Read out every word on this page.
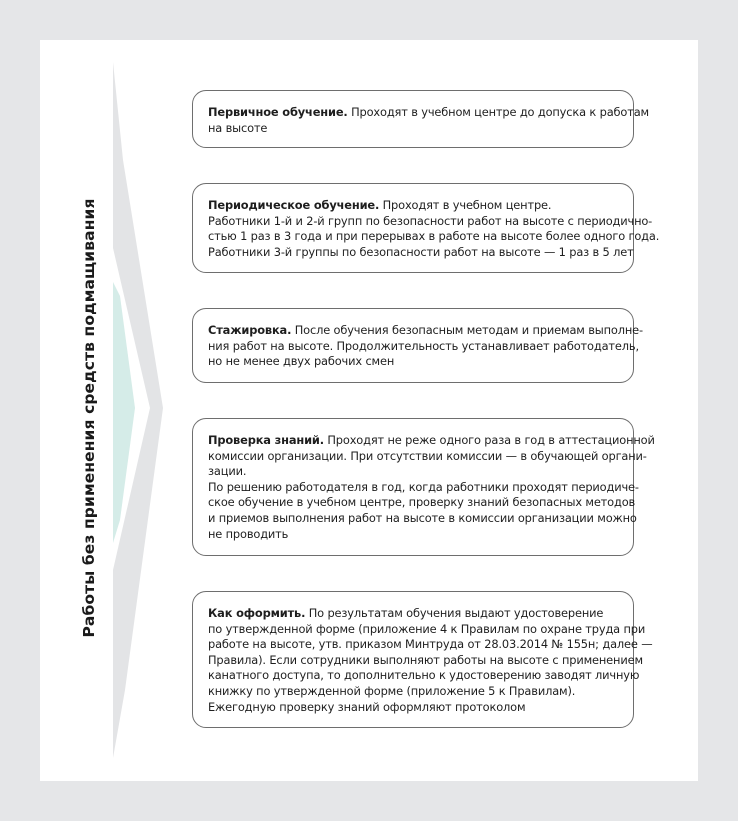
Работы без применения средств подмащивания
Первичное обучение. Проходят в учебном центре до допуска к работам
на высоте
Периодическое обучение. Проходят в учебном центре.
Работники 1-й и 2-й групп по безопасности работ на высоте с периодично-
стью 1 раз в 3 года и при перерывах в работе на высоте более одного года.
Работники 3-й группы по безопасности работ на высоте — 1 раз в 5 лет
Стажировка. После обучения безопасным методам и приемам выполне-
ния работ на высоте. Продолжительность устанавливает работодатель,
но не менее двух рабочих смен
Проверка знаний. Проходят не реже одного раза в год в аттестационной
комиссии организации. При отсутствии комиссии — в обучающей органи-
зации.
По решению работодателя в год, когда работники проходят периодиче-
ское обучение в учебном центре, проверку знаний безопасных методов
и приемов выполнения работ на высоте в комиссии организации можно
не проводить
Как оформить. По результатам обучения выдают удостоверение
по утвержденной форме (приложение 4 к Правилам по охране труда при
работе на высоте, утв. приказом Минтруда от 28.03.2014 № 155н; далее —
Правила). Если сотрудники выполняют работы на высоте с применением
канатного доступа, то дополнительно к удостоверению заводят личную
книжку по утвержденной форме (приложение 5 к Правилам).
Ежегодную проверку знаний оформляют протоколом
